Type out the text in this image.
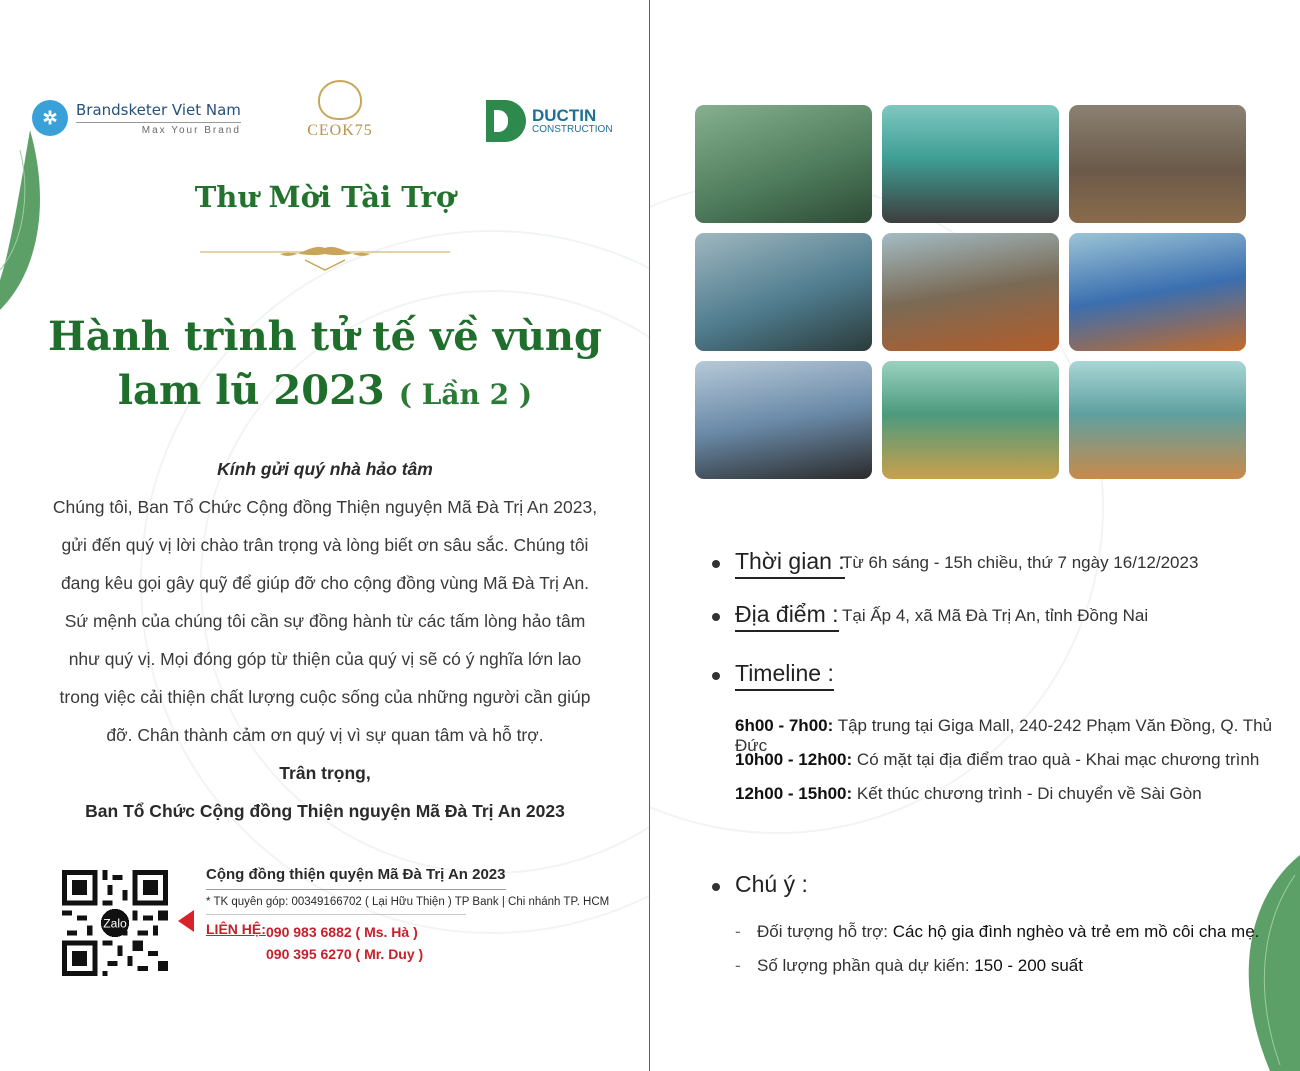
✲	Brandsketer Viet Nam
Max Your Brand	CEOK75
DUCTIN
CONSTRUCTION
Thư Mời Tài Trợ
Hành trình tử tế về vùng
lam lũ 2023 ( Lần 2 )
Kính gửi quý nhà hảo tâm
Chúng tôi, Ban Tổ Chức Cộng đồng Thiện nguyện Mã Đà Trị An 2023, gửi đến quý vị lời chào trân trọng và lòng biết ơn sâu sắc. Chúng tôi đang kêu gọi gây quỹ để giúp đỡ cho cộng đồng vùng Mã Đà Trị An. Sứ mệnh của chúng tôi cần sự đồng hành từ các tấm lòng hảo tâm như quý vị. Mọi đóng góp từ thiện của quý vị sẽ có ý nghĩa lớn lao trong việc cải thiện chất lượng cuộc sống của những người cần giúp đỡ. Chân thành cảm ơn quý vị vì sự quan tâm và hỗ trợ.
Trân trọng,
Ban Tổ Chức Cộng đồng Thiện nguyện Mã Đà Trị An 2023
Zalo
Cộng đồng thiện quyện Mã Đà Trị An 2023
* TK quyên góp: 00349166702 ( Lại Hữu Thiện ) TP Bank | Chi nhánh TP. HCM
LIÊN HỆ: 090 983 6882 ( Ms. Hà )
090 395 6270 ( Mr. Duy )
Thời gian :
Từ 6h sáng - 15h chiều, thứ 7 ngày 16/12/2023
Địa điểm : Tại Ấp 4, xã Mã Đà Trị An, tỉnh Đồng Nai
Timeline :
6h00 - 7h00: Tập trung tại Giga Mall, 240-242 Phạm Văn Đồng, Q. Thủ Đức
10h00 - 12h00: Có mặt tại địa điểm trao quà - Khai mạc chương trình
12h00 - 15h00: Kết thúc chương trình - Di chuyển về Sài Gòn
Chú ý :
- Đối tượng hỗ trợ: Các hộ gia đình nghèo và trẻ em mồ côi cha mẹ.
- Số lượng phần quà dự kiến: 150 - 200 suất
